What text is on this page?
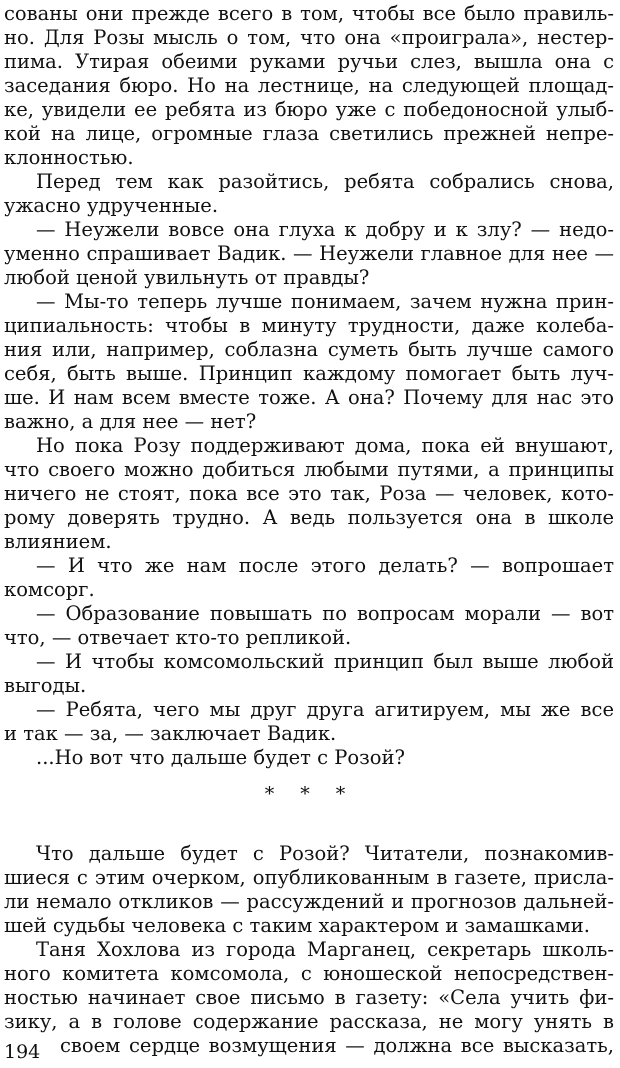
сованы они прежде всего в том, чтобы все было правиль-
но. Для Розы мысль о том, что она «проиграла», нестер-
пима. Утирая обеими руками ручьи слез, вышла она с
заседания бюро. Но на лестнице, на следующей площад-
ке, увидели ее ребята из бюро уже с победоносной улыб-
кой на лице, огромные глаза светились прежней непре-
клонностью.
Перед тем как разойтись, ребята собрались снова,
ужасно удрученные.
— Неужели вовсе она глуха к добру и к злу? — недо-
уменно спрашивает Вадик. — Неужели главное для нее —
любой ценой увильнуть от правды?
— Мы-то теперь лучше понимаем, зачем нужна прин-
ципиальность: чтобы в минуту трудности, даже колеба-
ния или, например, соблазна суметь быть лучше самого
себя, быть выше. Принцип каждому помогает быть луч-
ше. И нам всем вместе тоже. А она? Почему для нас это
важно, а для нее — нет?
Но пока Розу поддерживают дома, пока ей внушают,
что своего можно добиться любыми путями, а принципы
ничего не стоят, пока все это так, Роза — человек, кото-
рому доверять трудно. А ведь пользуется она в школе
влиянием.
— И что же нам после этого делать? — вопрошает
комсорг.
— Образование повышать по вопросам морали — вот
что, — отвечает кто-то репликой.
— И чтобы комсомольский принцип был выше любой
выгоды.
— Ребята, чего мы друг друга агитируем, мы же все
и так — за, — заключает Вадик.
...Но вот что дальше будет с Розой?
* * *
Что дальше будет с Розой? Читатели, познакомив-
шиеся с этим очерком, опубликованным в газете, присла-
ли немало откликов — рассуждений и прогнозов дальней-
шей судьбы человека с таким характером и замашками.
Таня Хохлова из города Марганец, секретарь школь-
ного комитета комсомола, с юношеской непосредствен-
ностью начинает свое письмо в газету: «Села учить фи-
зику, а в голове содержание рассказа, не могу унять в
своем сердце возмущения — должна все высказать,
194
